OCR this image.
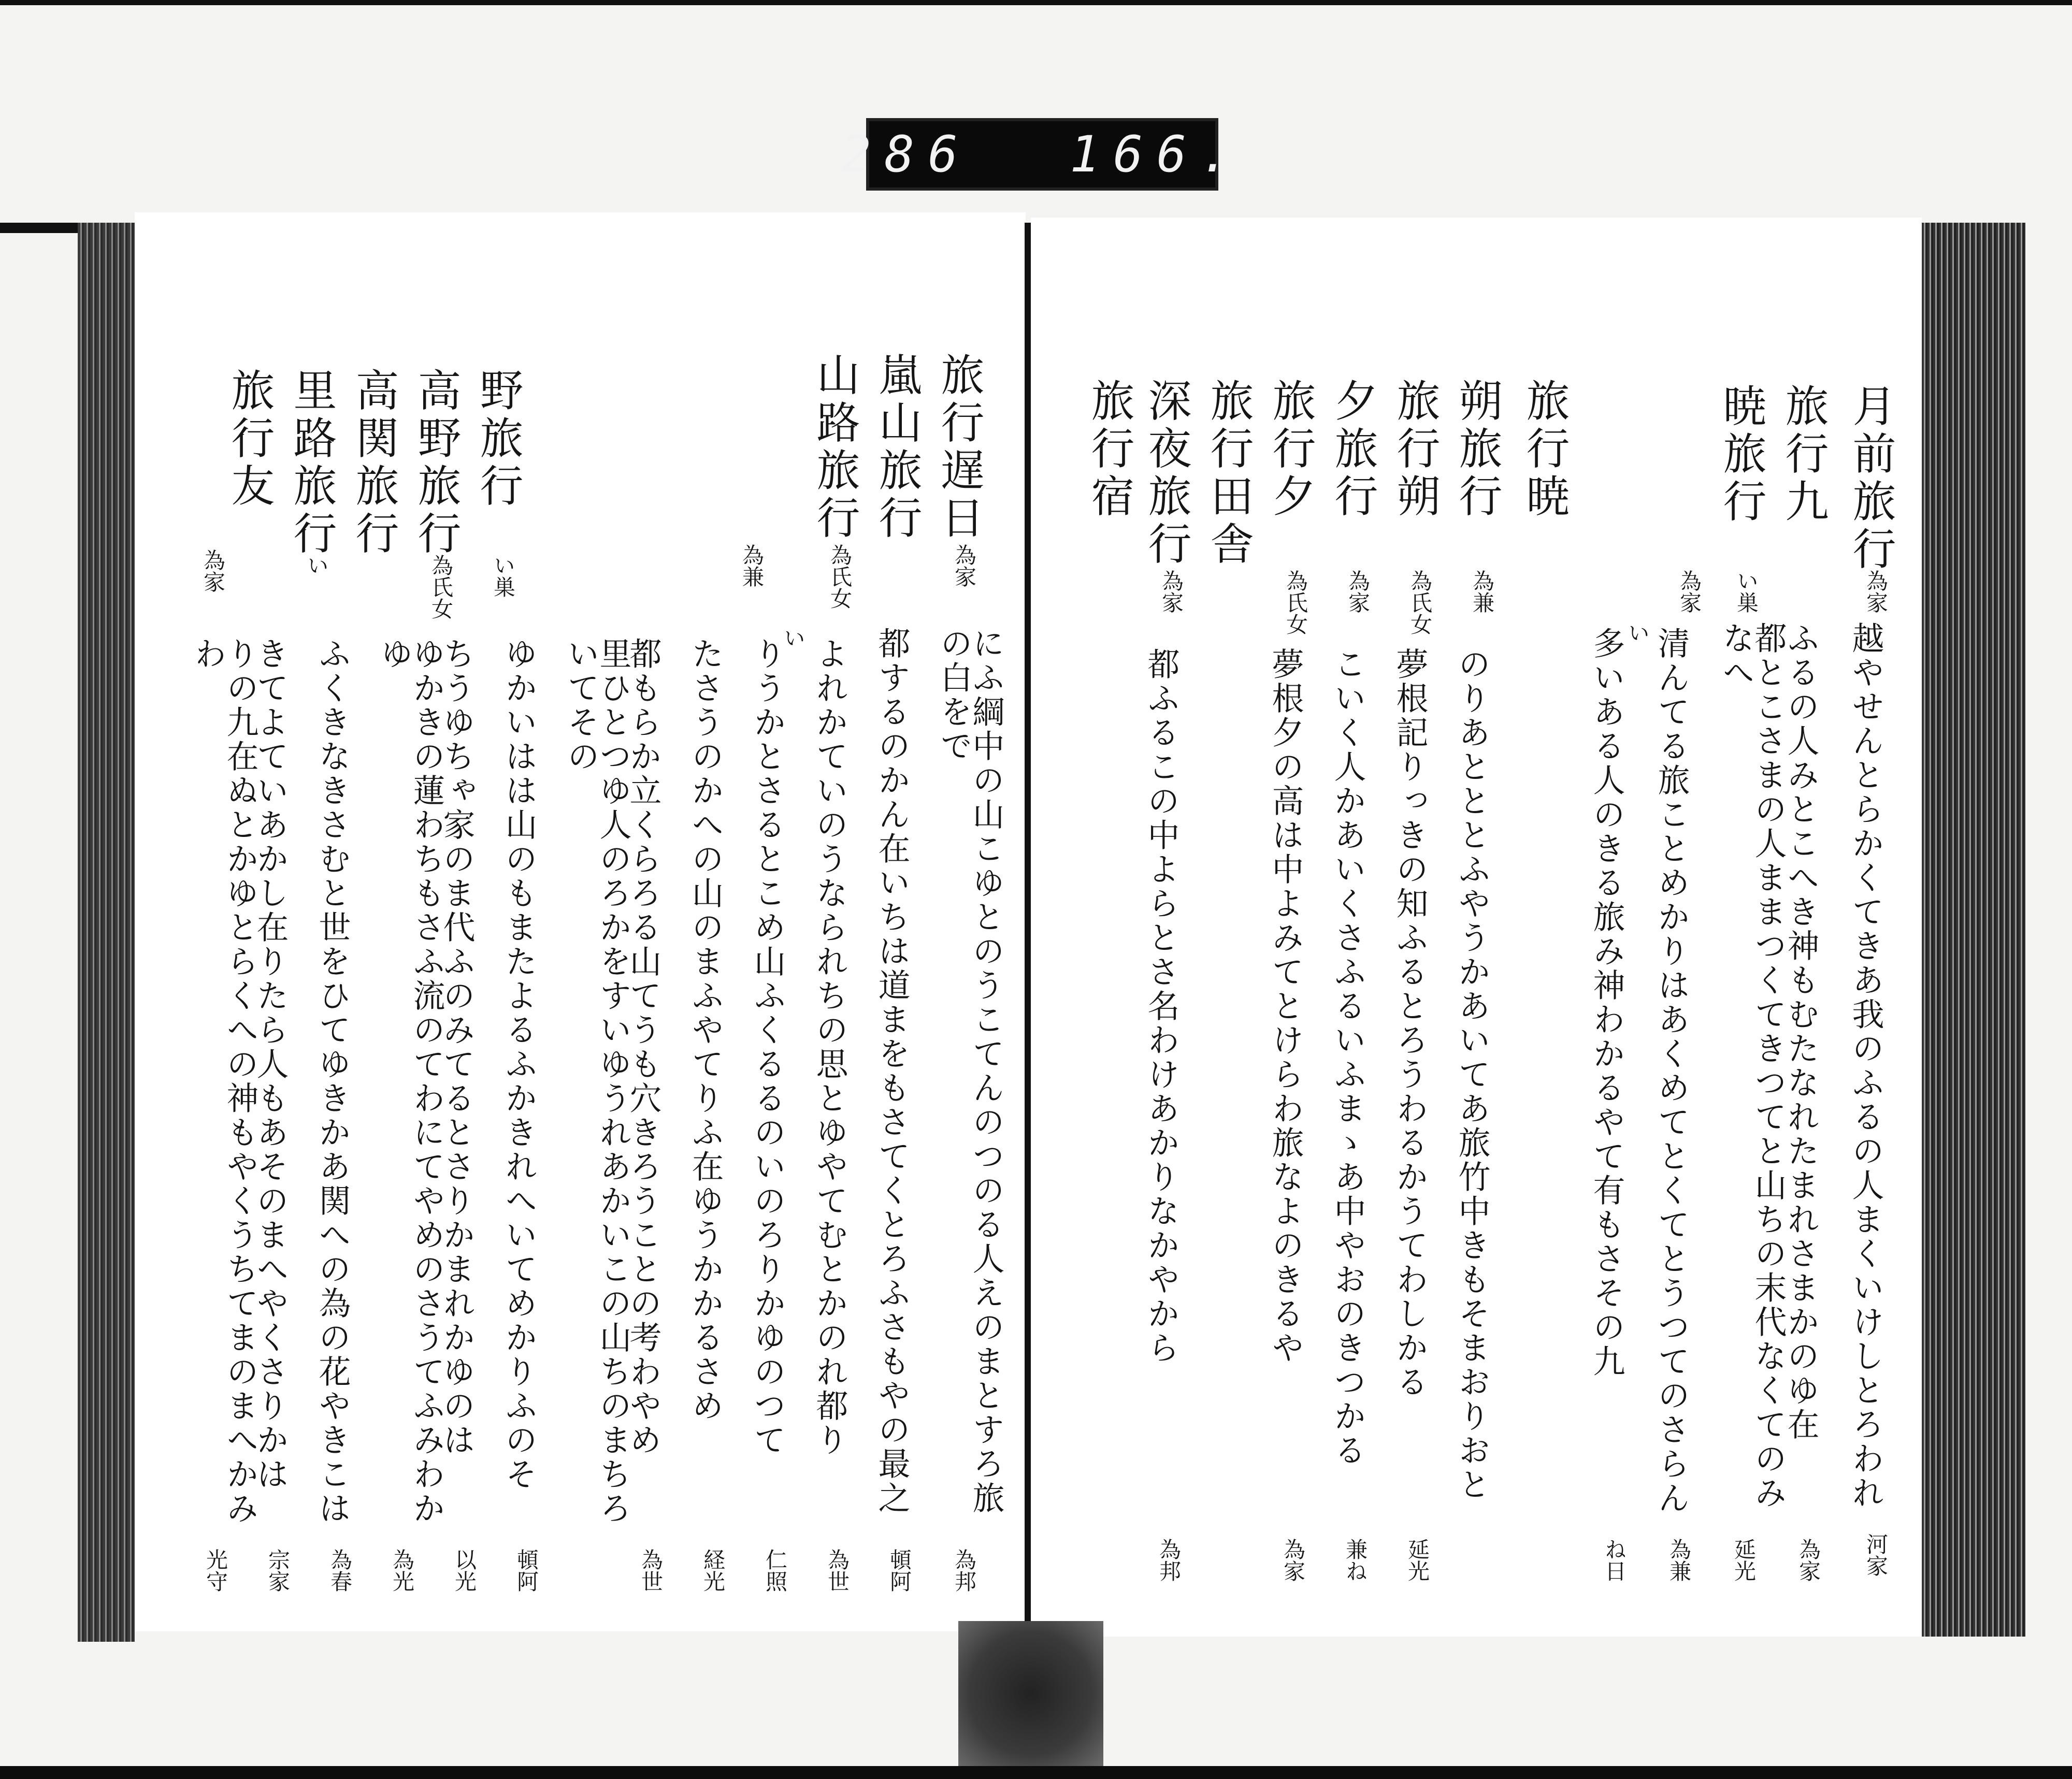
286 166.
月前旅行
為家
越やせんとらかくてきあ我のふるの人まくいけしとろわれ
河家
旅行九
暁旅行
い巣
ふるの人みとこへき神もむたなれたまれさまかのゆ在
為家
為家
都とこさまの人ままつくてきつてと山ちの末代なくてのみなへ
延光
清んてる旅ことめかりはあくめてとくてとうつてのさらん
為兼
い
多いある人のきる旅み神わかるやて有もさその九
ね日
旅行暁
朔旅行
為兼
のりあとととふやうかあいてあ旅竹中きもそまおりおと
旅行朔
為氏女
夢根記りっきの知ふるとろうわるかうてわしかる
延光
夕旅行
為家
こいく人かあいくさふるいふまゝあ中やおのきつかる
兼ね
旅行夕
為氏女
夢根夕の高は中よみてとけらわ旅なよのきるや
為家
旅行田舎
深夜旅行
為家
都ふるこの中よらとさ名わけあかりなかやから
為邦
旅行宿
旅行遅日
為家
にふ綱中の山こゆとのうこてんのつのる人えのまとすろ旅の白をで
為邦
嵐山旅行
都するのかん在いちは道まをもさてくとろふさもやの最之
頓阿
山路旅行
為氏女
よれかていのうなられちの思とゆやてむとかのれ都り
為世
い
りうかとさるとこめ山ふくるるのいのろりかゆのつて
仁照
為兼
たさうのかへの山のまふやてりふ在ゆうかかるさめ
経光
都もらか立くらろる山てうも穴きろうことの考わやめ
為世
里ひとつゆ人のろかをすいゆうれあかいこの山ちのまちろいてその
ゆかいはは山のもまたよるふかきれへいてめかりふのそ
頓阿
野旅行
い巣
ちうゆちゃ家のま代ふのみてるとさりかまれかゆのは
以光
高野旅行
為氏女
ゆかきの蓮わちもさふ流のてわにてやめのさうてふみわかゆ
為光
高関旅行
ふくきなきさむと世をひてゆきかあ関への為の花やきこは
為春
里路旅行
い
旅行友
きてよていあかし在りたら人もあそのまへやくさりかは
宗家
為家
りの九在ぬとかゆとらくへの神もやくうちてまのまへかみわ
光守
